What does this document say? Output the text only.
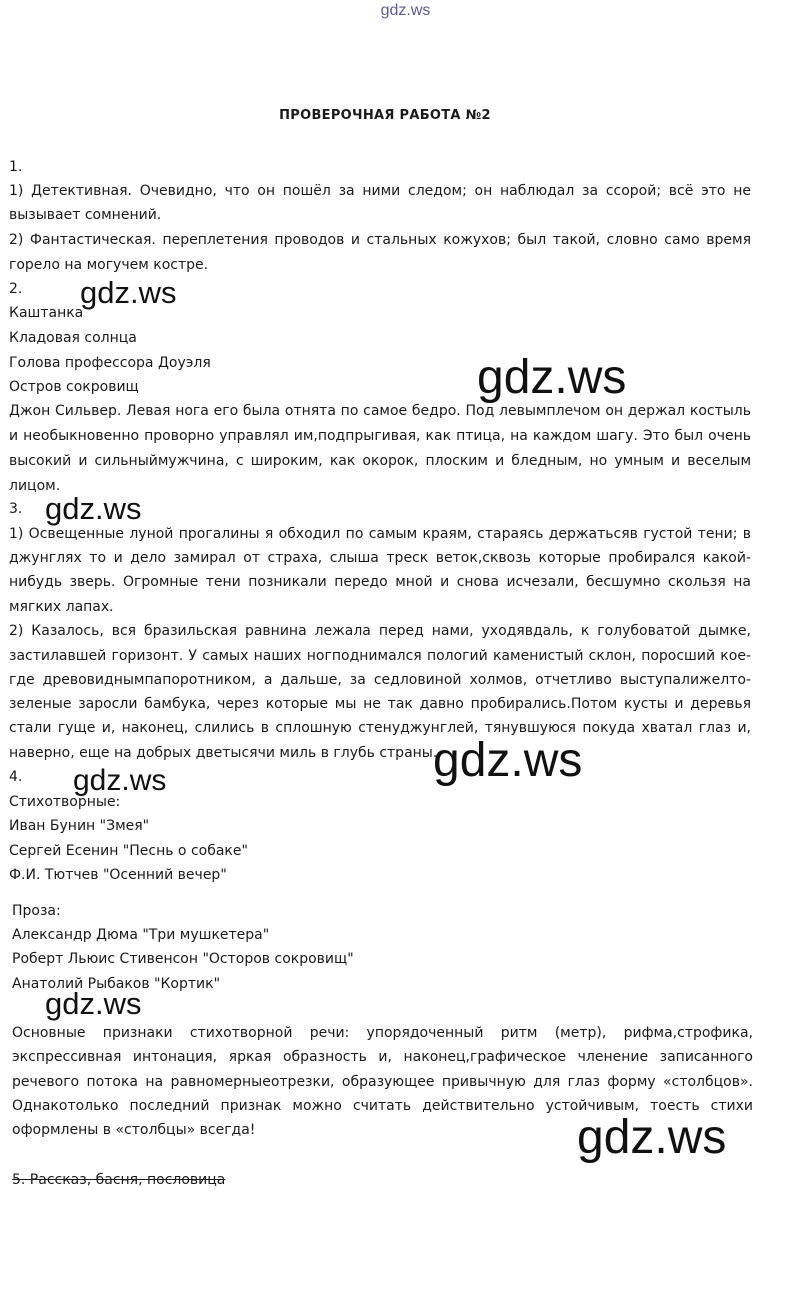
gdz.ws
ПРОВЕРОЧНАЯ РАБОТА №2
1.
1) Детективная. Очевидно, что он пошёл за ними следом; он наблюдал за ссорой; всё это не
вызывает сомнений.
2) Фантастическая. переплетения проводов и стальных кожухов; был такой, словно само время
горело на могучем костре.
2.
Каштанка
Кладовая солнца
Голова профессора Доуэля
Остров сокровищ
Джон Сильвер. Левая нога его была отнята по самое бедро. Под левымплечом он держал костыль
и необыкновенно проворно управлял им,подпрыгивая, как птица, на каждом шагу. Это был очень
высокий и сильныймужчина, с широким, как окорок, плоским и бледным, но умным и веселым
лицом.
3.
1) Освещенные луной прогалины я обходил по самым краям, стараясь держатьсяв густой тени; в
джунглях то и дело замирал от страха, слыша треск веток,сквозь которые пробирался какой-
нибудь зверь. Огромные тени позникали передо мной и снова исчезали, бесшумно скользя на
мягких лапах.
2) Казалось, вся бразильская равнина лежала перед нами, уходявдаль, к голубоватой дымке,
застилавшей горизонт. У самых наших ногподнимался пологий каменистый склон, поросший кое-
где древовиднымпапоротником, а дальше, за седловиной холмов, отчетливо выступалижелто-
зеленые заросли бамбука, через которые мы не так давно пробирались.Потом кусты и деревья
стали гуще и, наконец, слились в сплошную стенуджунглей, тянувшуюся покуда хватал глаз и,
наверно, еще на добрых дветысячи миль в глубь страны.
4.
Стихотворные:
Иван Бунин "Змея"
Сергей Есенин "Песнь о собаке"
Ф.И. Тютчев "Осенний вечер"
Проза:
Александр Дюма "Три мушкетера"
Роберт Льюис Стивенсон "Осторов сокровищ"
Анатолий Рыбаков "Кортик"
Основные признаки стихотворной речи: упорядоченный ритм (метр), рифма,строфика,
экспрессивная интонация, яркая образность и, наконец,графическое членение записанного
речевого потока на равномерныеотрезки, образующее привычную для глаз форму «столбцов».
Однакотолько последний признак можно считать действительно устойчивым, тоесть стихи
оформлены в «столбцы» всегда!
5. Рассказ, басня, пословица
gdz.ws
gdz.ws
gdz.ws
gdz.ws
gdz.ws
gdz.ws
gdz.ws
